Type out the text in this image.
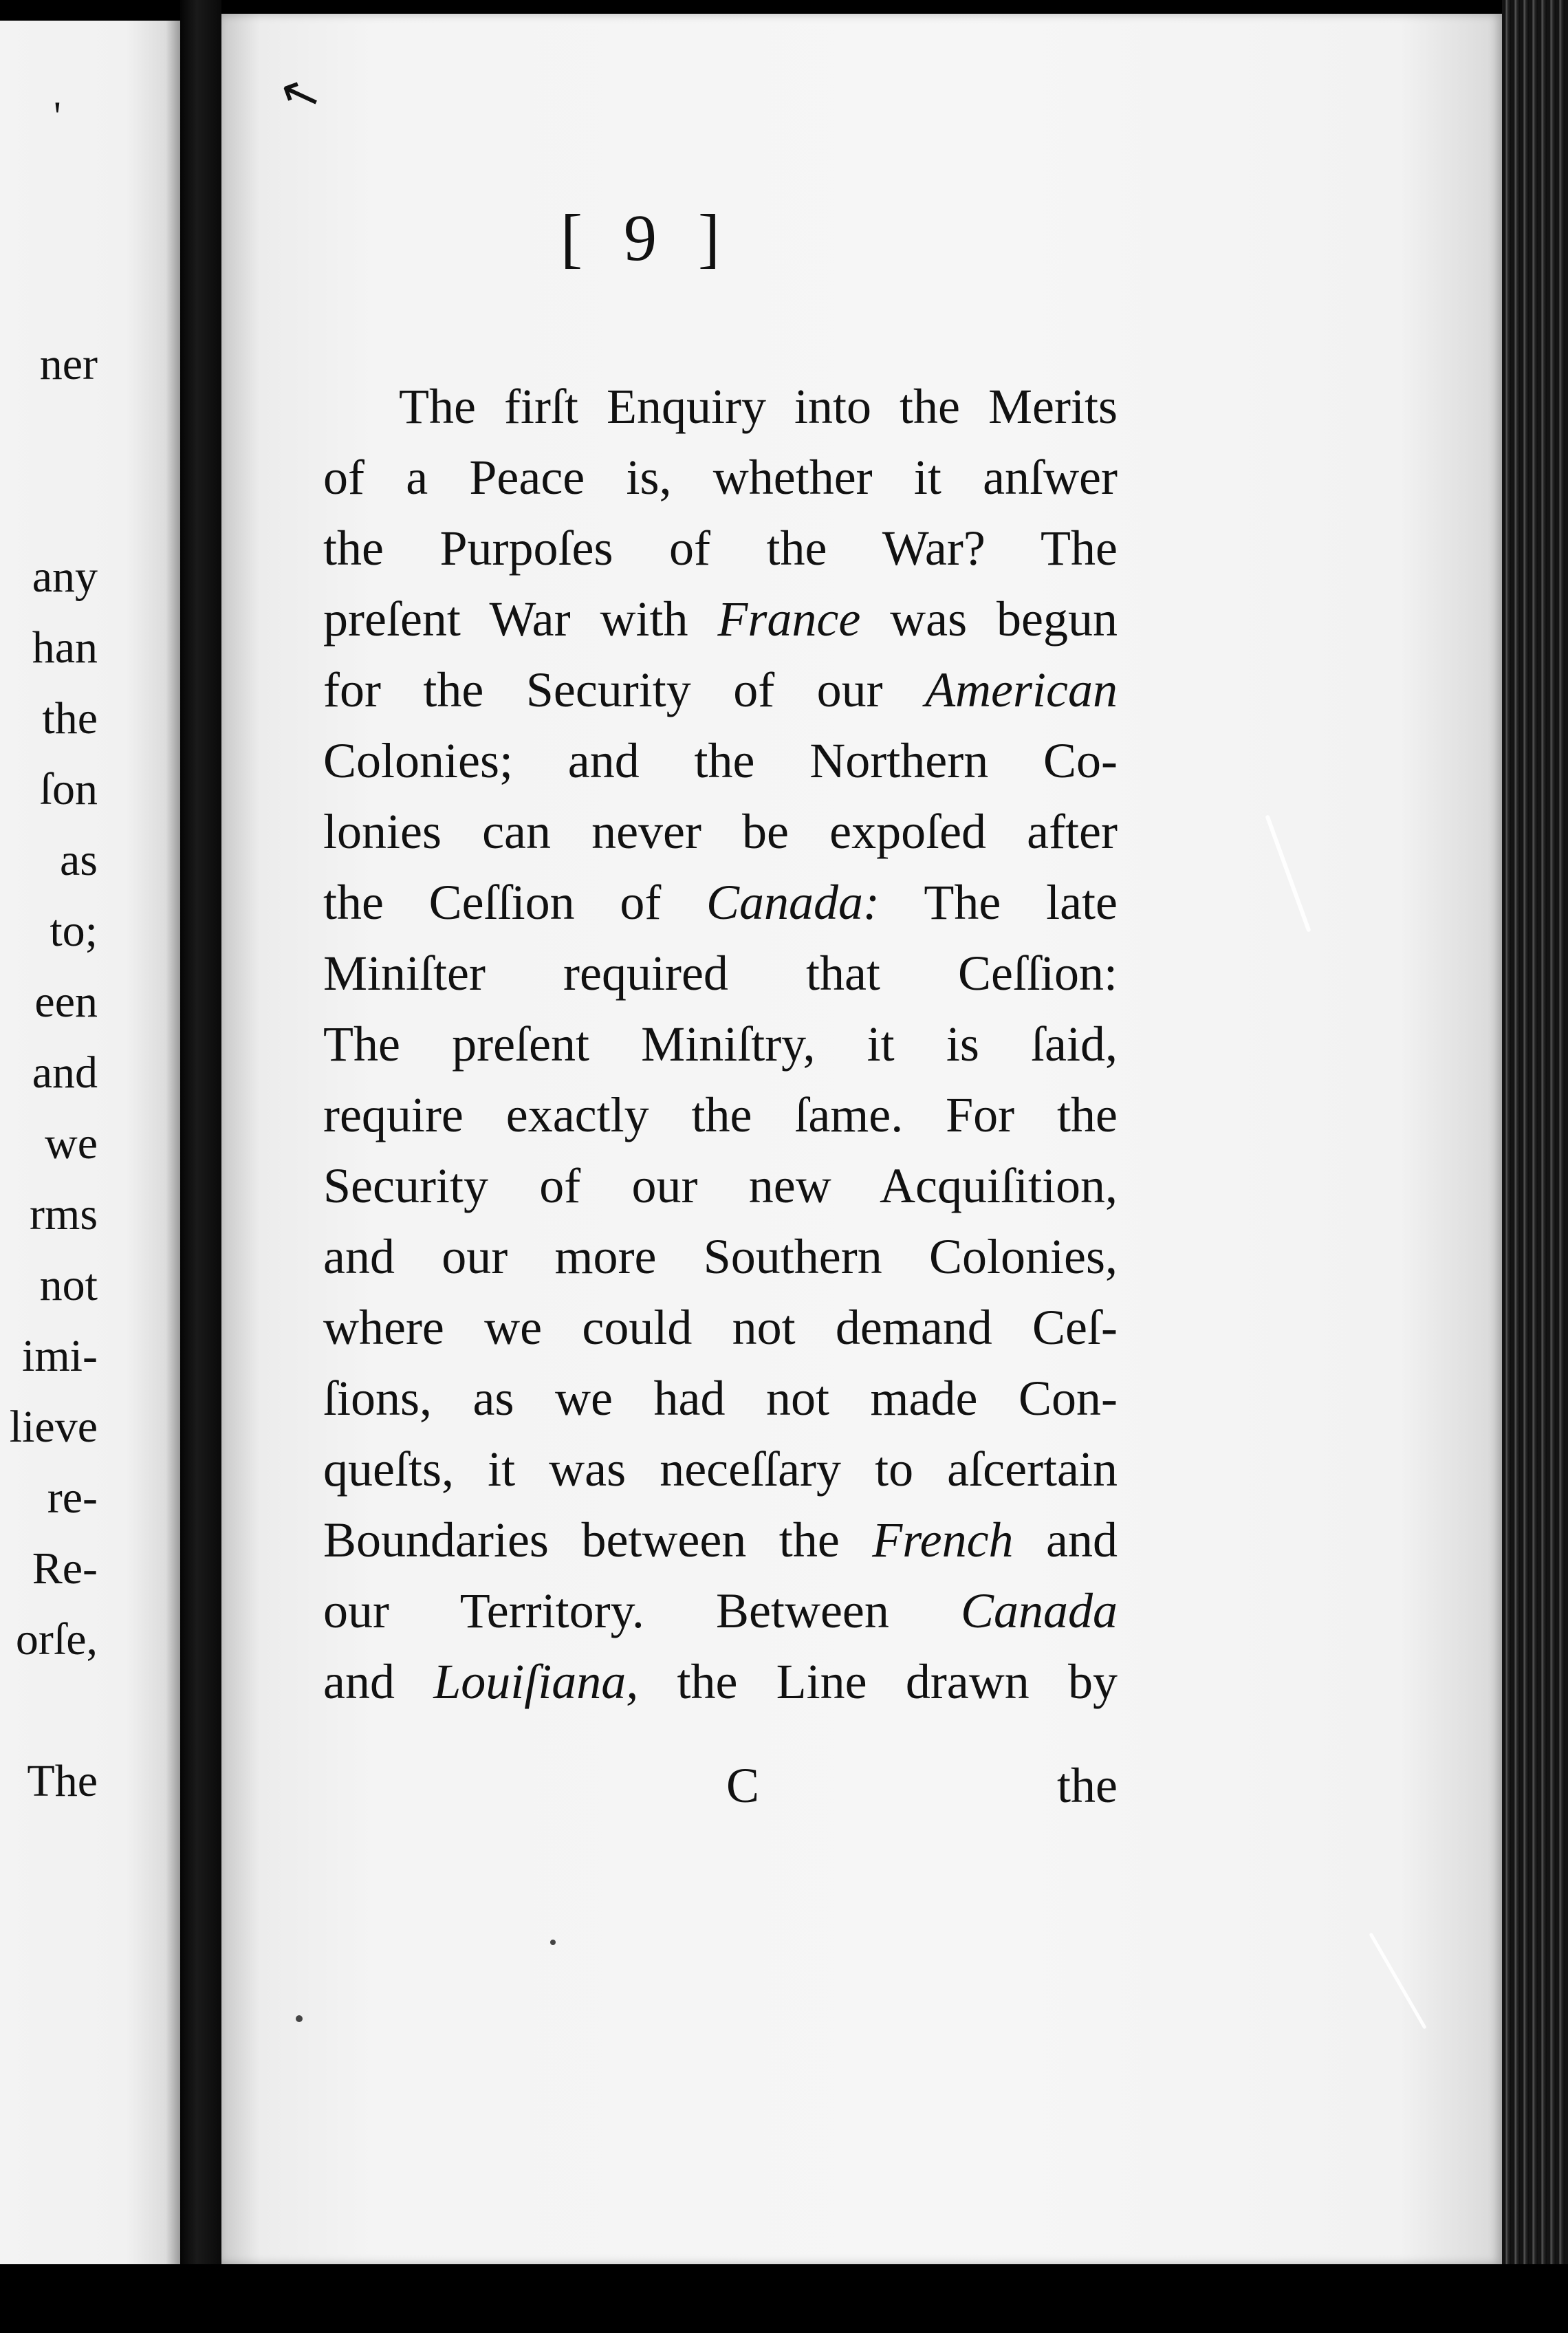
'
ner
any
han
the
ſon
as
to;
een
and
we
rms
not
imi-
lieve
re-
Re-
orſe,
The
↖
[ 9 ]
The firſt Enquiry into the Merits
of a Peace is, whether it anſwer
the Purpoſes of the War? The
preſent War with France was begun
for the Security of our American
Colonies; and the Northern Co-
lonies can never be expoſed after
the Ceſſion of Canada: The late
Miniſter required that Ceſſion:
The preſent Miniſtry, it is ſaid,
require exactly the ſame. For the
Security of our new Acquiſition,
and our more Southern Colonies,
where we could not demand Ceſ-
ſions, as we had not made Con-
queſts, it was neceſſary to aſcertain
Boundaries between the French and
our Territory. Between Canada
and Louiſiana, the Line drawn by
C	the
